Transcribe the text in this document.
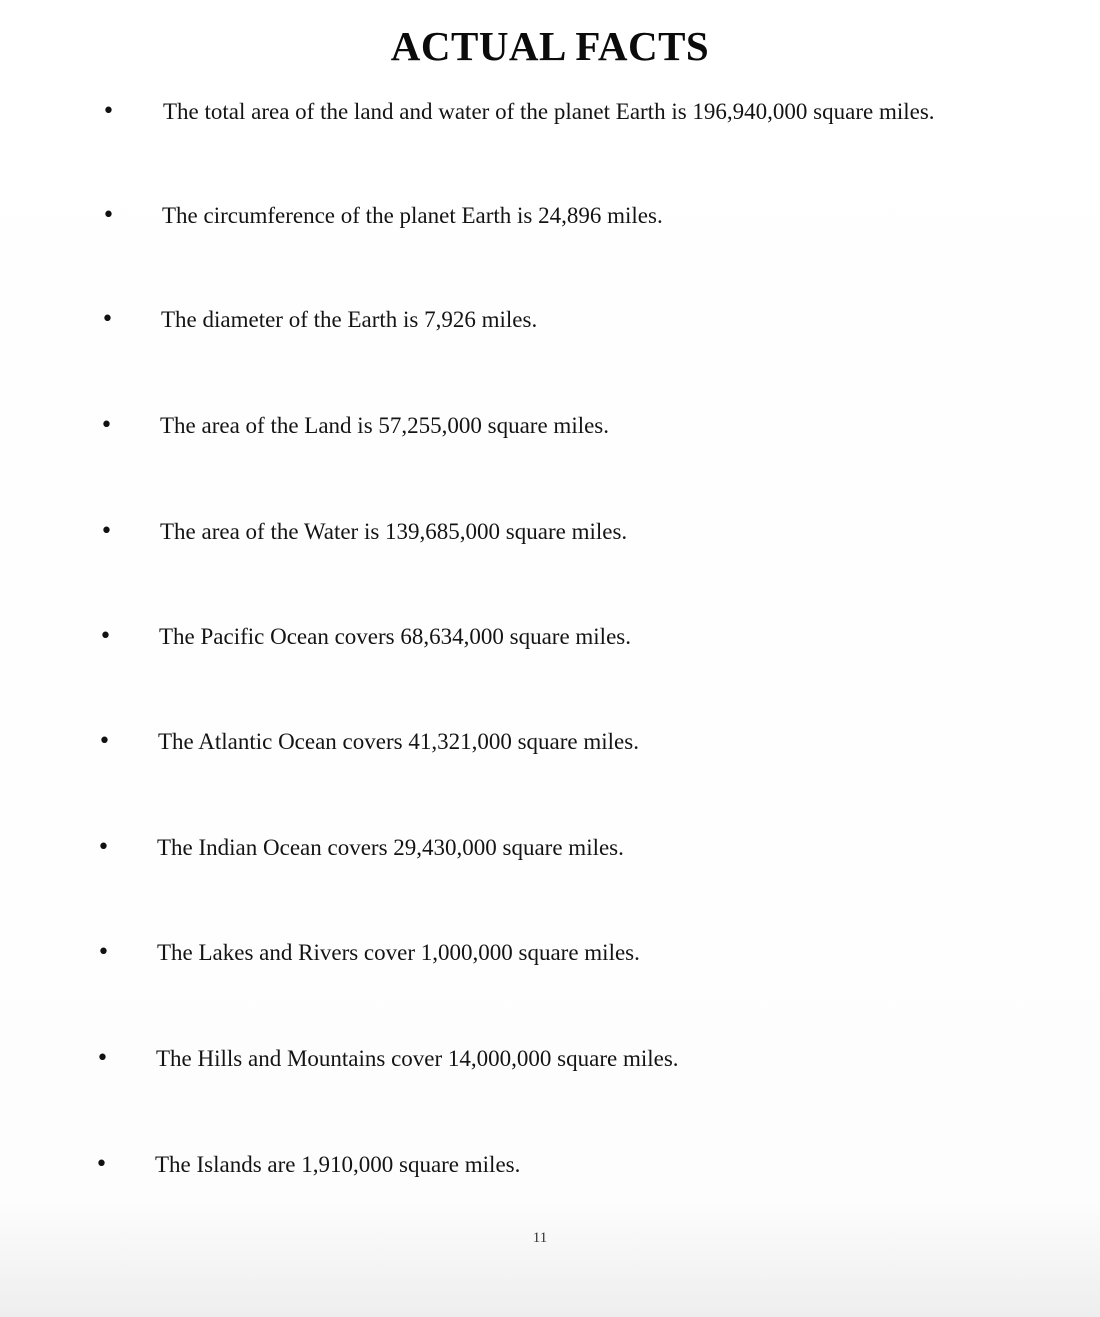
ACTUAL FACTS
• The total area of the land and water of the planet Earth is 196,940,000 square miles.
• The circumference of the planet Earth is 24,896 miles.
• The diameter of the Earth is 7,926 miles.
• The area of the Land is 57,255,000 square miles.
• The area of the Water is 139,685,000 square miles.
• The Pacific Ocean covers 68,634,000 square miles.
• The Atlantic Ocean covers 41,321,000 square miles.
• The Indian Ocean covers 29,430,000 square miles.
• The Lakes and Rivers cover 1,000,000 square miles.
• The Hills and Mountains cover 14,000,000 square miles.
• The Islands are 1,910,000 square miles.
11
